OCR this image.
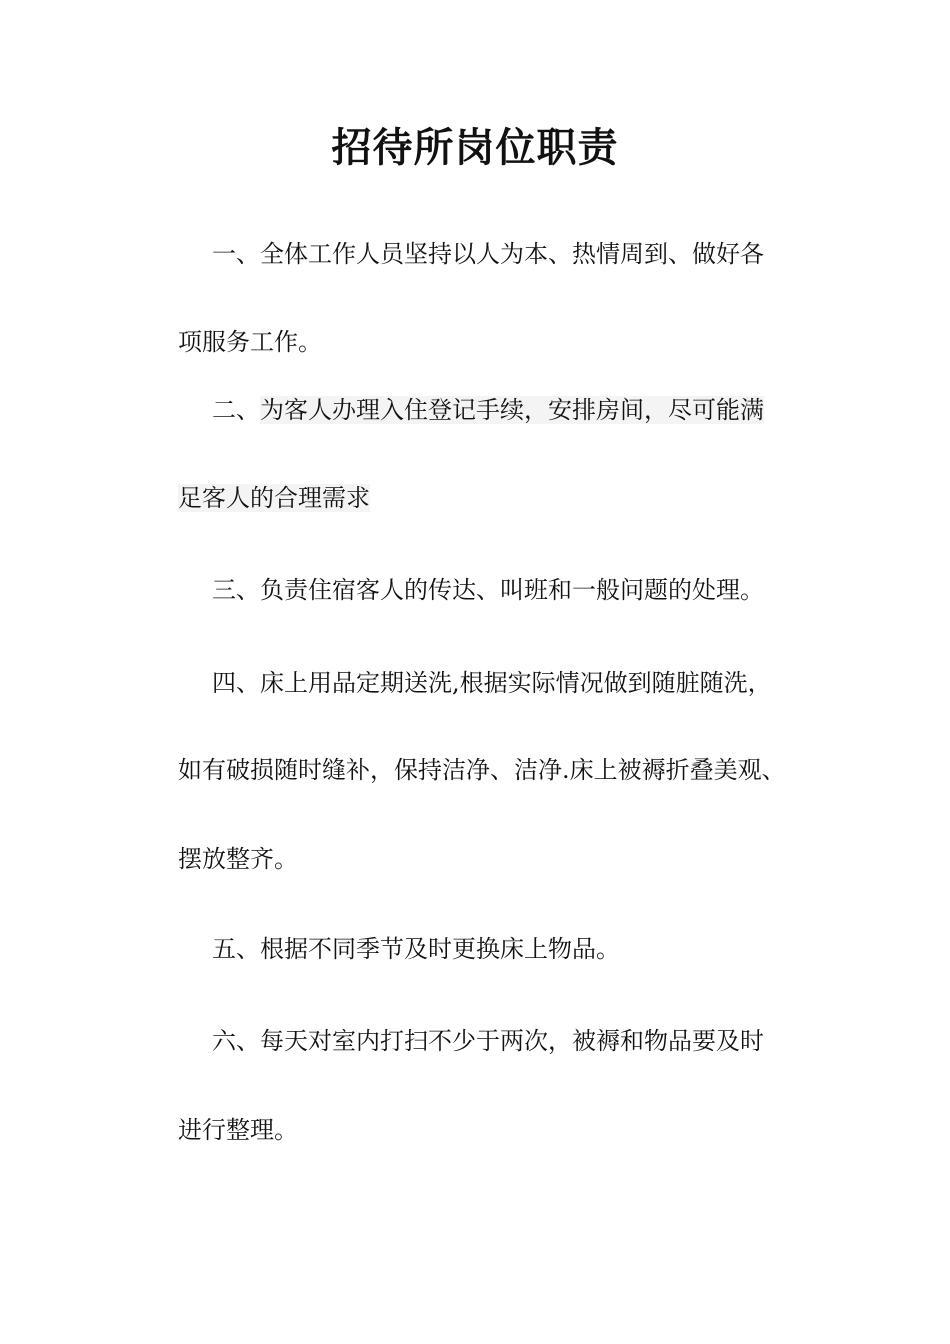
招待所岗位职责

一、全体工作人员坚持以人为本、热情周到、做好各

项服务工作。

二、为客人办理入住登记手续，安排房间，尽可能满

足客人的合理需求

三、负责住宿客人的传达、叫班和一般问题的处理。

四、床上用品定期送洗,根据实际情况做到随脏随洗，

如有破损随时缝补，保持洁净、洁净.床上被褥折叠美观、

摆放整齐。

五、根据不同季节及时更换床上物品。

六、每天对室内打扫不少于两次，被褥和物品要及时

进行整理。
